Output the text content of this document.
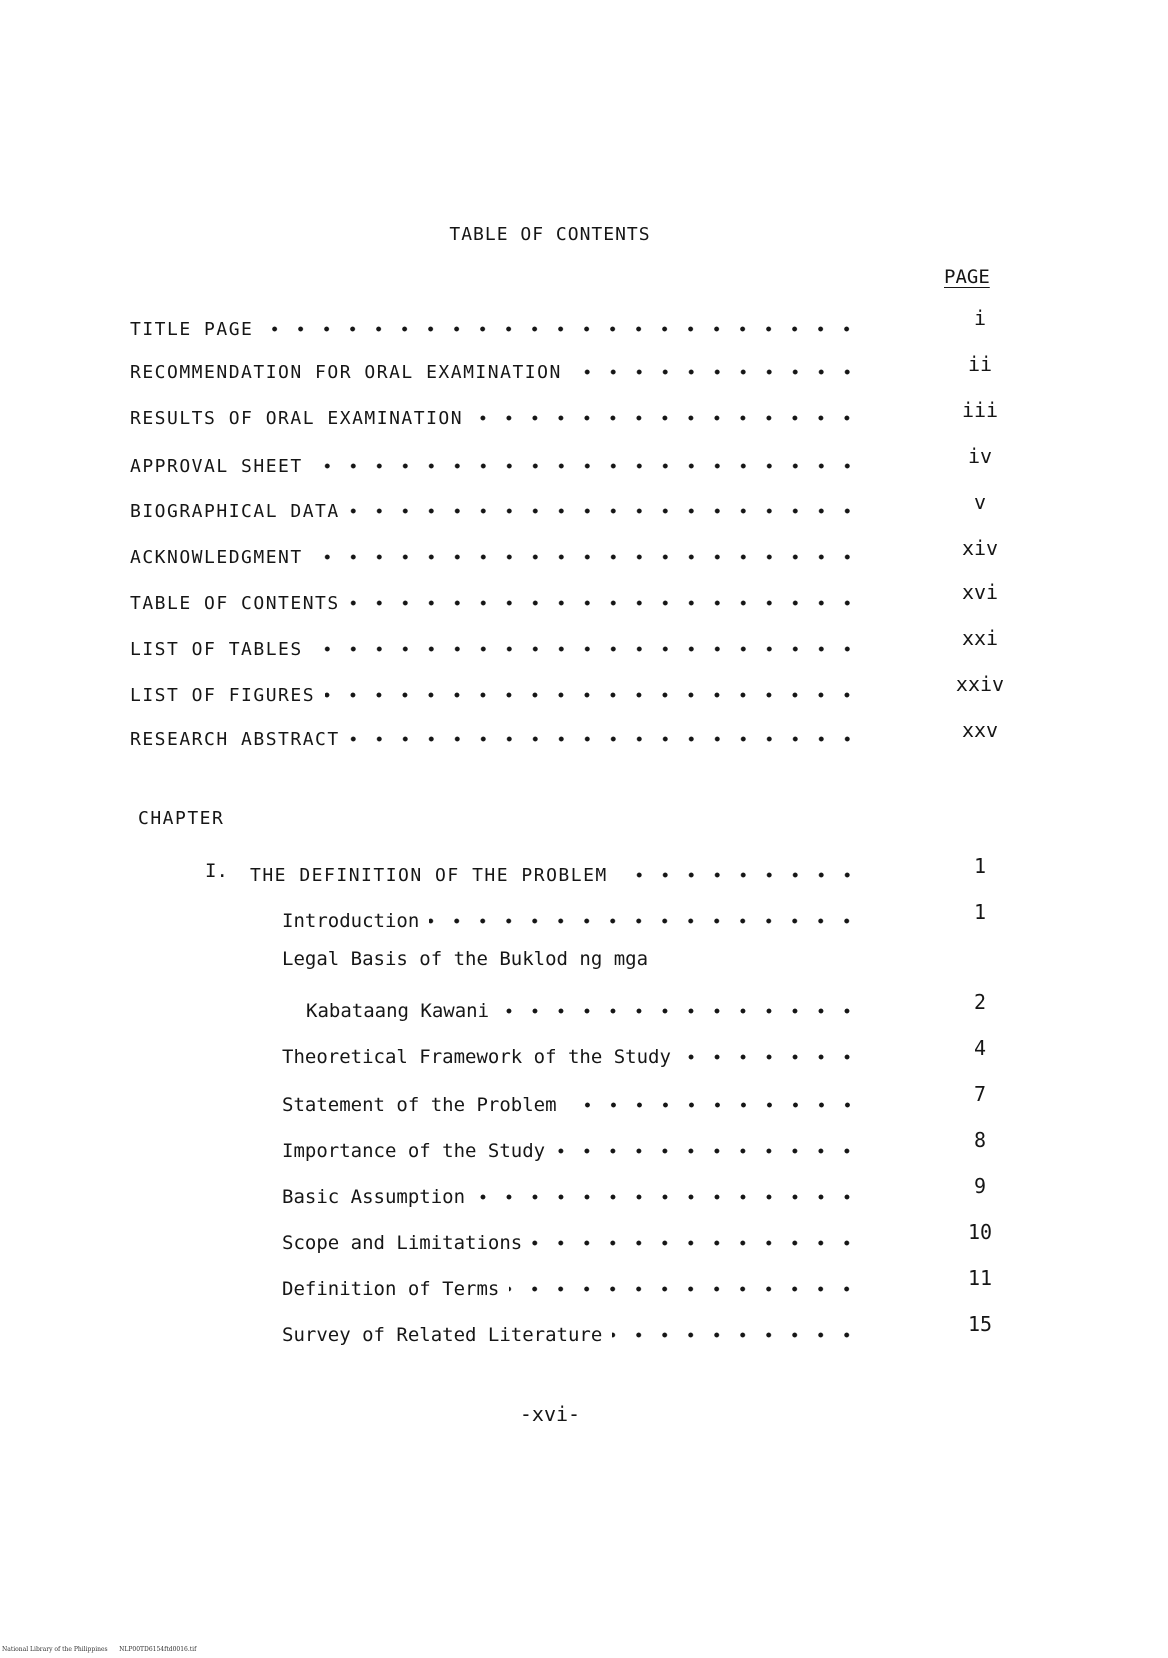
TABLE OF CONTENTS
PAGE
TITLE PAGE	i
RECOMMENDATION FOR ORAL EXAMINATION	ii
RESULTS OF ORAL EXAMINATION	iii
APPROVAL SHEET	iv
BIOGRAPHICAL DATA	v
ACKNOWLEDGMENT	xiv
TABLE OF CONTENTS	xvi
LIST OF TABLES	xxi
LIST OF FIGURES	xxiv
RESEARCH ABSTRACT	xxv
CHAPTER
I. THE DEFINITION OF THE PROBLEM	1
Introduction	1
Legal Basis of the Buklod ng mga
Kabataang Kawani	2
Theoretical Framework of the Study	4
Statement of the Problem	7
Importance of the Study	8
Basic Assumption	9
Scope and Limitations	10
Definition of Terms	11
Survey of Related Literature	15
-xvi-
National Library of the Philippines NLP00TD6154ftd0016.tif
